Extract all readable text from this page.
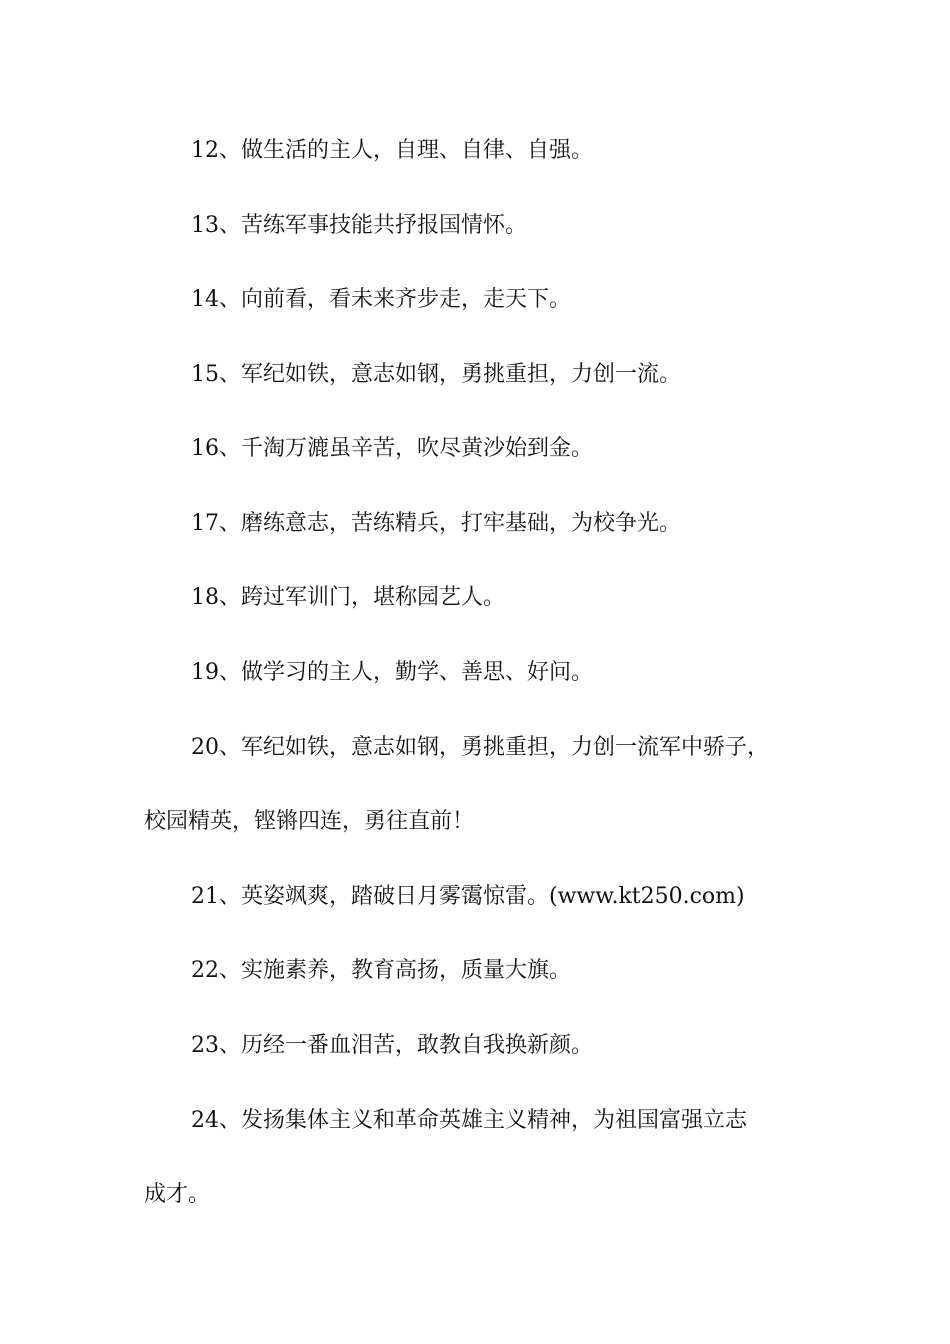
12、做生活的主人，自理、自律、自强。
13、苦练军事技能共抒报国情怀。
14、向前看，看未来齐步走，走天下。
15、军纪如铁，意志如钢，勇挑重担，力创一流。
16、千淘万漉虽辛苦，吹尽黄沙始到金。
17、磨练意志，苦练精兵，打牢基础，为校争光。
18、跨过军训门，堪称园艺人。
19、做学习的主人，勤学、善思、好问。
20、军纪如铁，意志如钢，勇挑重担，力创一流军中骄子，
校园精英，铿锵四连，勇往直前！
21、英姿飒爽，踏破日月雾霭惊雷。(www.kt250.com)
22、实施素养，教育高扬，质量大旗。
23、历经一番血泪苦，敢教自我换新颜。
24、发扬集体主义和革命英雄主义精神，为祖国富强立志
成才。
